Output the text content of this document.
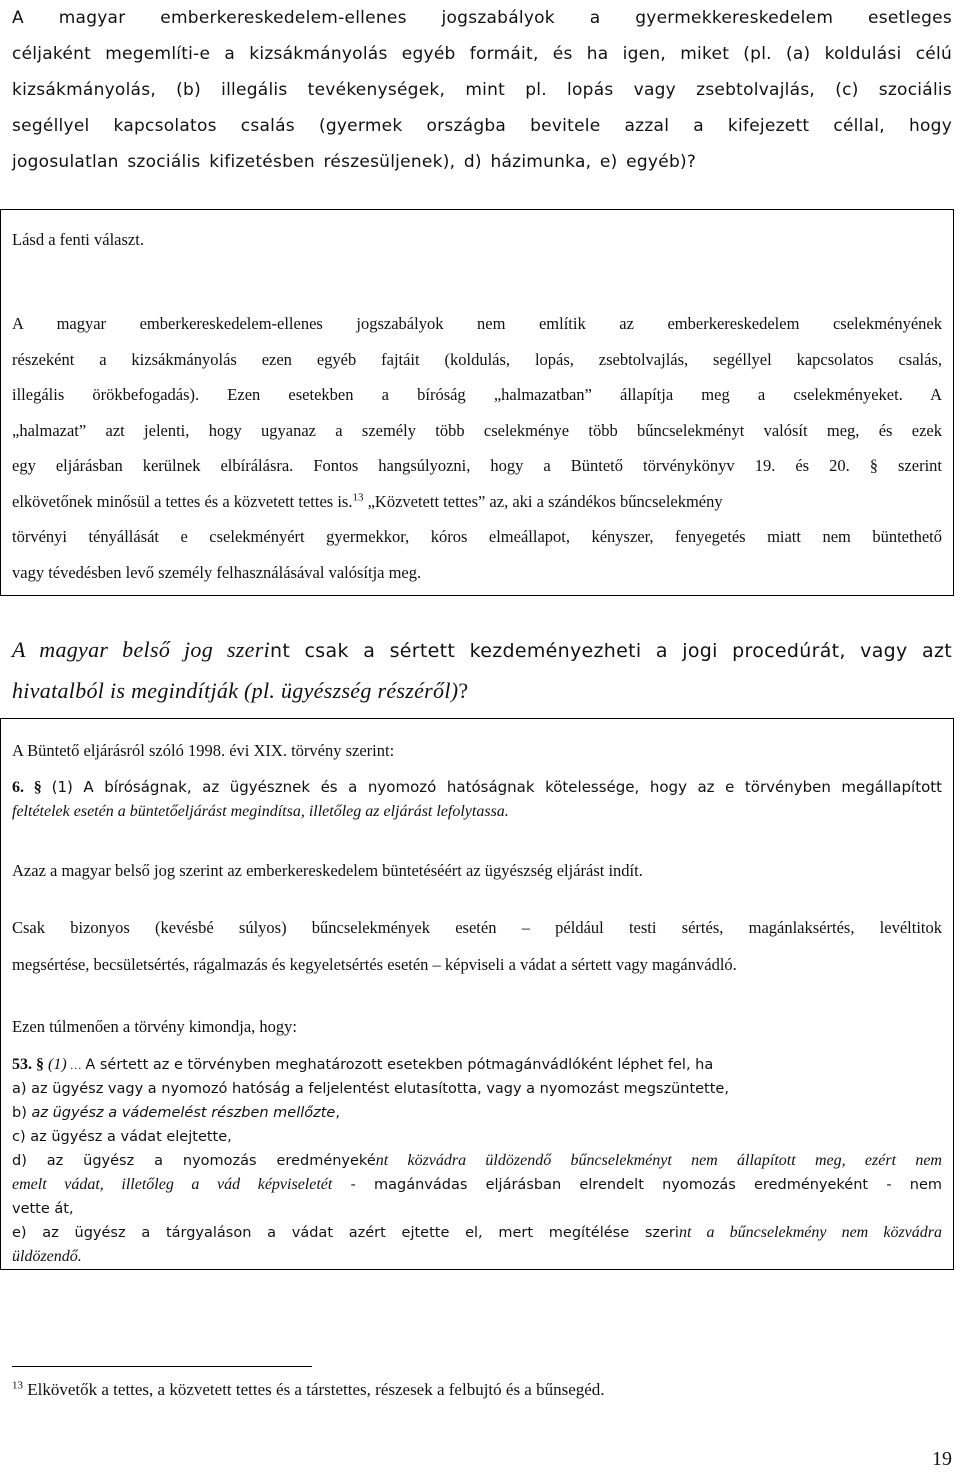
A magyar emberkereskedelem-ellenes jogszabályok a gyermekkereskedelem esetleges
céljaként megemlíti-e a kizsákmányolás egyéb formáit, és ha igen, miket (pl. (a) koldulási célú
kizsákmányolás, (b) illegális tevékenységek, mint pl. lopás vagy zsebtolvajlás, (c) szociális
segéllyel kapcsolatos csalás (gyermek országba bevitele azzal a kifejezett céllal, hogy
jogosulatlan szociális kifizetésben részesüljenek), d) házimunka, e) egyéb)?
Lásd a fenti választ.
A magyar emberkereskedelem-ellenes jogszabályok nem említik az emberkereskedelem cselekményének
részeként a kizsákmányolás ezen egyéb fajtáit (koldulás, lopás, zsebtolvajlás, segéllyel kapcsolatos csalás,
illegális örökbefogadás). Ezen esetekben a bíróság „halmazatban” állapítja meg a cselekményeket. A
„halmazat” azt jelenti, hogy ugyanaz a személy több cselekménye több bűncselekményt valósít meg, és ezek
egy eljárásban kerülnek elbírálásra. Fontos hangsúlyozni, hogy a Büntető törvénykönyv 19. és 20. § szerint
elkövetőnek minősül a tettes és a közvetett tettes is.$^{13}$ „Közvetett tettes” az, aki a szándékos bűncselekmény
törvényi tényállását e cselekményért gyermekkor, kóros elmeállapot, kényszer, fenyegetés miatt nem büntethető
vagy tévedésben levő személy felhasználásával valósítja meg.
A magyar belső jog szerint csak a sértett kezdeményezheti a jogi procedúrát, vagy azt
hivatalból is megindítják (pl. ügyészség részéről)?
A Büntető eljárásról szóló 1998. évi XIX. törvény szerint:
6. § (1) A bíróságnak, az ügyésznek és a nyomozó hatóságnak kötelessége, hogy az e törvényben megállapított
feltételek esetén a büntetőeljárást megindítsa, illetőleg az eljárást lefolytassa.
Azaz a magyar belső jog szerint az emberkereskedelem büntetéséért az ügyészség eljárást indít.
Csak bizonyos (kevésbé súlyos) bűncselekmények esetén – például testi sértés, magánlaksértés, levéltitok
megsértése, becsületsértés, rágalmazás és kegyeletsértés esetén – képviseli a vádat a sértett vagy magánvádló.
Ezen túlmenően a törvény kimondja, hogy:
53. § (1) … A sértett az e törvényben meghatározott esetekben pótmagánvádlóként léphet fel, ha
a) az ügyész vagy a nyomozó hatóság a feljelentést elutasította, vagy a nyomozást megszüntette,
b) az ügyész a vádemelést részben mellőzte,
c) az ügyész a vádat elejtette,
d) az ügyész a nyomozás eredményeként közvádra üldözendő bűncselekményt nem állapított meg, ezért nem
emelt vádat, illetőleg a vád képviseletét - magánvádas eljárásban elrendelt nyomozás eredményeként - nem
vette át,
e) az ügyész a tárgyaláson a vádat azért ejtette el, mert megítélése szerint a bűncselekmény nem közvádra
üldözendő.
$^{13}$ Elkövetők a tettes, a közvetett tettes és a társtettes, részesek a felbujtó és a bűnsegéd.
19
